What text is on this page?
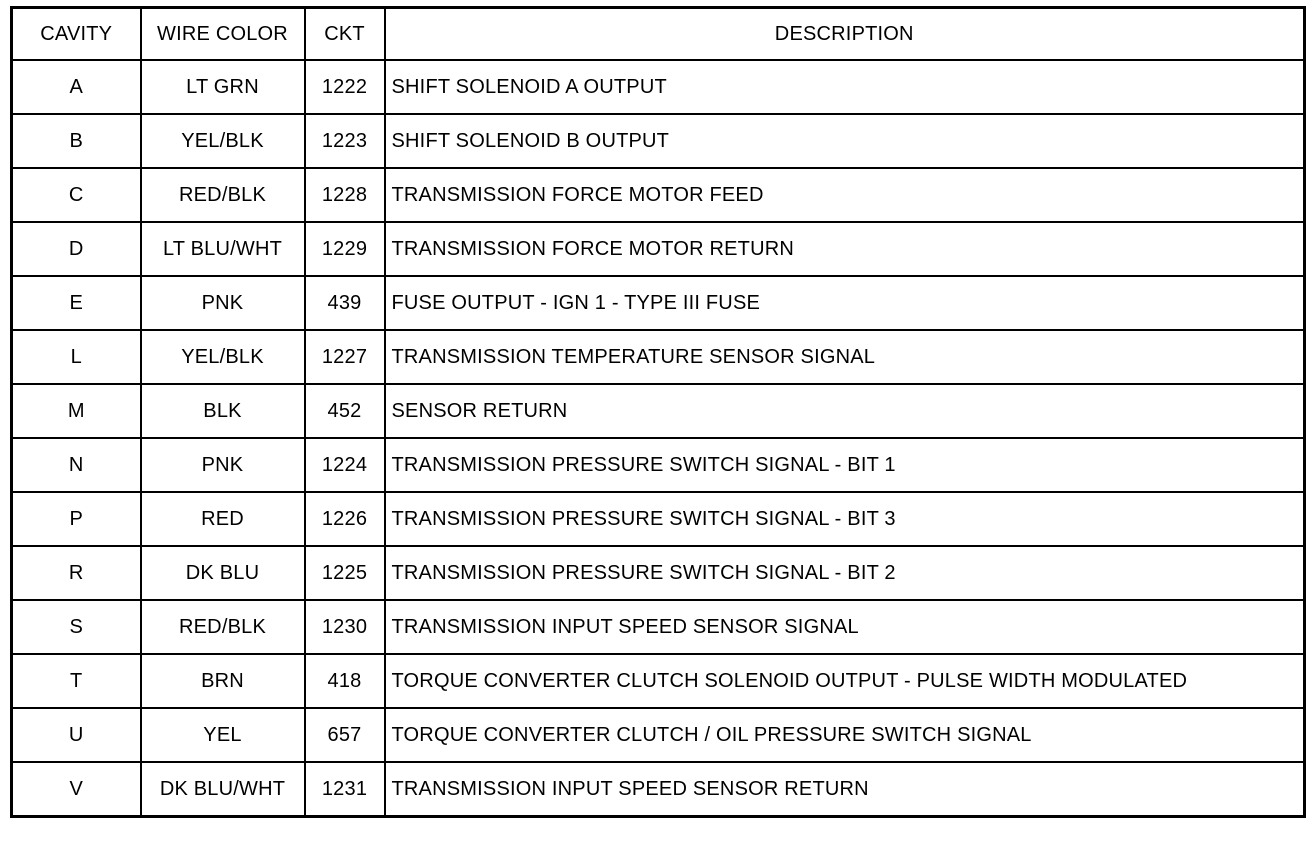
CAVITY	WIRE COLOR	CKT	DESCRIPTION
A	LT GRN	1222	SHIFT SOLENOID A OUTPUT
B	YEL/BLK	1223	SHIFT SOLENOID B OUTPUT
C	RED/BLK	1228	TRANSMISSION FORCE MOTOR FEED
D	LT BLU/WHT	1229	TRANSMISSION FORCE MOTOR RETURN
E	PNK	439	FUSE OUTPUT - IGN 1 - TYPE III FUSE
L	YEL/BLK	1227	TRANSMISSION TEMPERATURE SENSOR SIGNAL
M	BLK	452	SENSOR RETURN
N	PNK	1224	TRANSMISSION PRESSURE SWITCH SIGNAL - BIT 1
P	RED	1226	TRANSMISSION PRESSURE SWITCH SIGNAL - BIT 3
R	DK BLU	1225	TRANSMISSION PRESSURE SWITCH SIGNAL - BIT 2
S	RED/BLK	1230	TRANSMISSION INPUT SPEED SENSOR SIGNAL
T	BRN	418	TORQUE CONVERTER CLUTCH SOLENOID OUTPUT - PULSE WIDTH MODULATED
U	YEL	657	TORQUE CONVERTER CLUTCH / OIL PRESSURE SWITCH SIGNAL
V	DK BLU/WHT	1231	TRANSMISSION INPUT SPEED SENSOR RETURN
